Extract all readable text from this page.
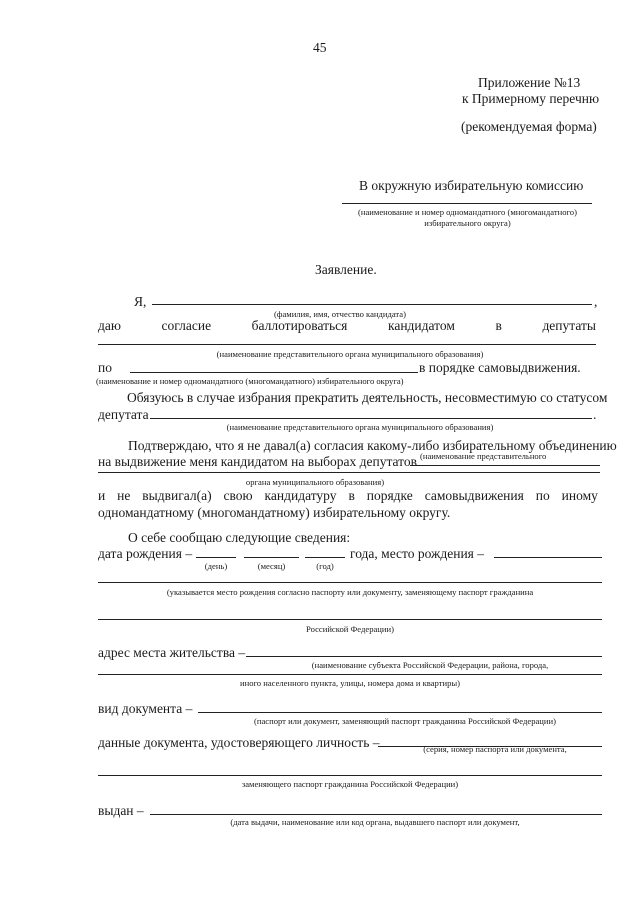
45
Приложение №13
к Примерному перечню
(рекомендуемая форма)
В окружную избирательную комиссию
(наименование и номер одномандатного (многомандатного)
избирательного округа)
Заявление.
Я,	,
(фамилия, имя, отчество кандидата)
даю	согласие	баллотироваться	кандидатом	в	депутаты
(наименование представительного органа муниципального образования)
по	в порядке самовыдвижения.
(наименование и номер одномандатного (многомандатного) избирательного округа)
Обязуюсь в случае избрания прекратить деятельность, несовместимую со статусом
депутата	.
(наименование представительного органа муниципального образования)
Подтверждаю, что я не давал(а) согласия какому-либо избирательному объединению
на выдвижение меня кандидатом на выборах депутатов (наименование представительного
органа муниципального образования)
и не выдвигал(а) свою кандидатуру в порядке самовыдвижения по иному
одномандатному (многомандатному) избирательному округу.
О себе сообщаю следующие сведения:
дата рождения –	года, место рождения –
(день)	(месяц)	(год)
(указывается место рождения согласно паспорту или документу, заменяющему паспорт гражданина
Российской Федерации)
адрес места жительства –
(наименование субъекта Российской Федерации, района, города,
иного населенного пункта, улицы, номера дома и квартиры)
вид документа –
(паспорт или документ, заменяющий паспорт гражданина Российской Федерации)
данные документа, удостоверяющего личность –	(серия, номер паспорта или документа,
заменяющего паспорт гражданина Российской Федерации)
выдан –
(дата выдачи, наименование или код органа, выдавшего паспорт или документ,
